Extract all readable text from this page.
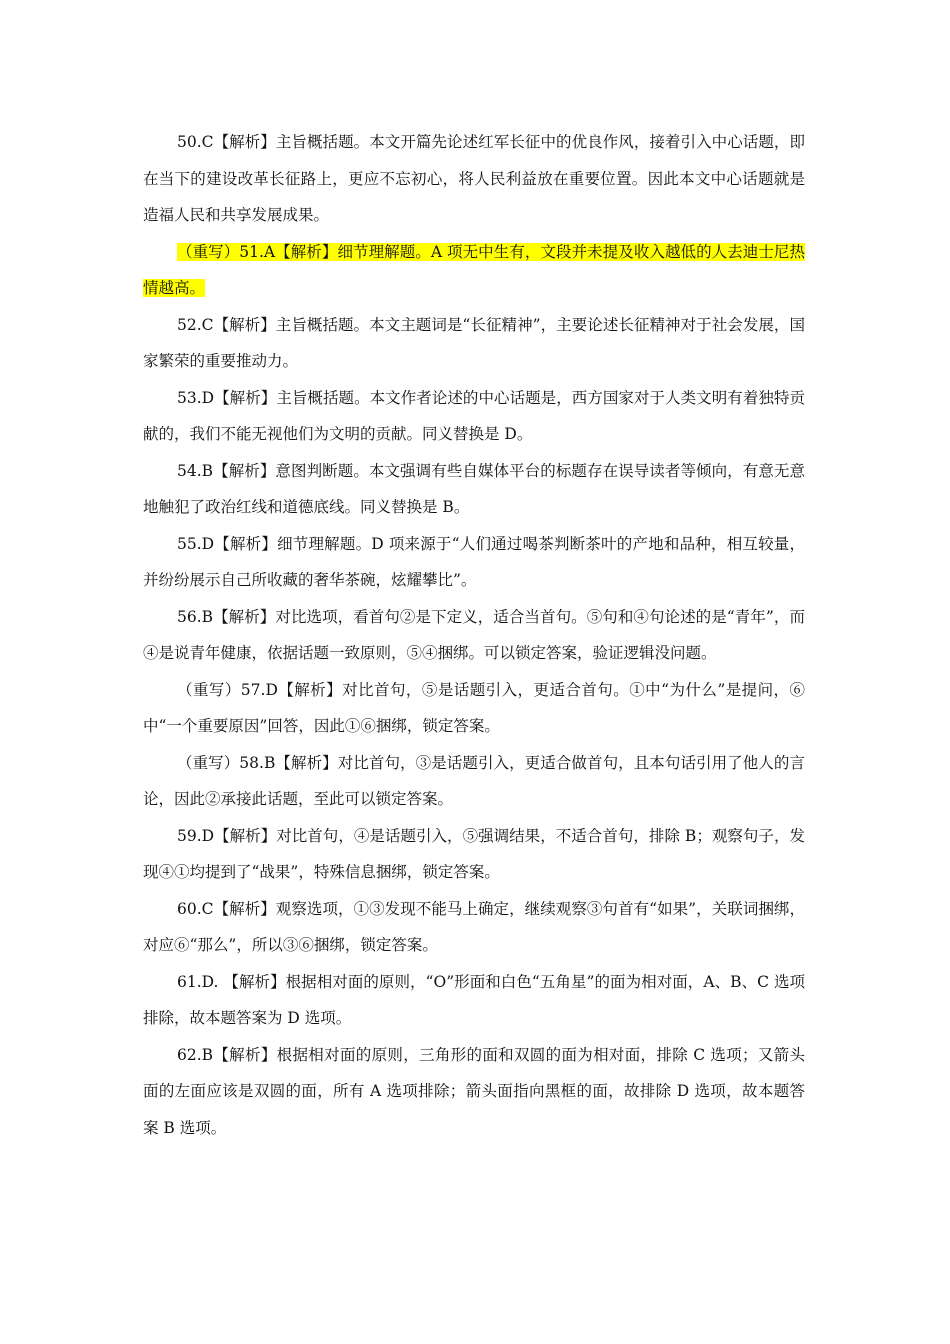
50.C【解析】主旨概括题。本文开篇先论述红军长征中的优良作风，接着引入中心话题，即在当下的建设改革长征路上，更应不忘初心，将人民利益放在重要位置。因此本文中心话题就是造福人民和共享发展成果。

（重写）51.A【解析】细节理解题。A 项无中生有，文段并未提及收入越低的人去迪士尼热情越高。

52.C【解析】主旨概括题。本文主题词是“长征精神”，主要论述长征精神对于社会发展，国家繁荣的重要推动力。

53.D【解析】主旨概括题。本文作者论述的中心话题是，西方国家对于人类文明有着独特贡献的，我们不能无视他们为文明的贡献。同义替换是 D。

54.B【解析】意图判断题。本文强调有些自媒体平台的标题存在误导读者等倾向，有意无意地触犯了政治红线和道德底线。同义替换是 B。

55.D【解析】细节理解题。D 项来源于“人们通过喝茶判断茶叶的产地和品种，相互较量，并纷纷展示自己所收藏的奢华茶碗，炫耀攀比”。

56.B【解析】对比选项，看首句②是下定义，适合当首句。⑤句和④句论述的是“青年”，而④是说青年健康，依据话题一致原则，⑤④捆绑。可以锁定答案，验证逻辑没问题。

（重写）57.D【解析】对比首句，⑤是话题引入，更适合首句。①中“为什么”是提问，⑥中“一个重要原因”回答，因此①⑥捆绑，锁定答案。

（重写）58.B【解析】对比首句，③是话题引入，更适合做首句，且本句话引用了他人的言论，因此②承接此话题，至此可以锁定答案。

59.D【解析】对比首句，④是话题引入，⑤强调结果，不适合首句，排除 B；观察句子，发现④①均提到了“战果”，特殊信息捆绑，锁定答案。

60.C【解析】观察选项，①③发现不能马上确定，继续观察③句首有“如果”，关联词捆绑，对应⑥“那么”，所以③⑥捆绑，锁定答案。

61.D. 【解析】根据相对面的原则，“O”形面和白色“五角星”的面为相对面，A、B、C 选项排除，故本题答案为 D 选项。

62.B【解析】根据相对面的原则，三角形的面和双圆的面为相对面，排除 C 选项；又箭头面的左面应该是双圆的面，所有 A 选项排除；箭头面指向黑框的面，故排除 D 选项，故本题答案 B 选项。
